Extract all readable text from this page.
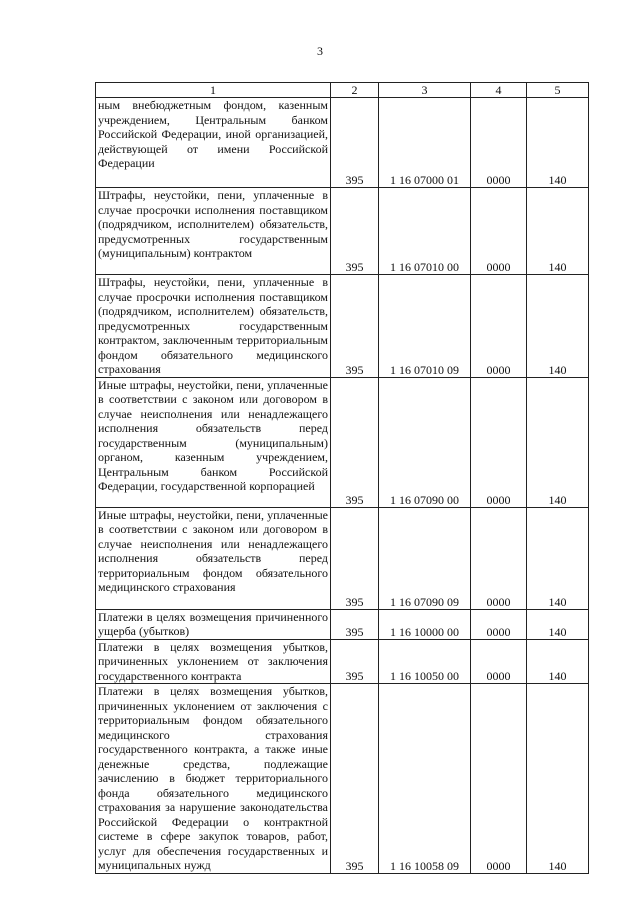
3
1	2	3	4	5
ным внебюджетным фондом, казенным учреждением, Центральным банком Российской Федерации, иной организацией, действующей от имени Российской Федерации	395	1 16 07000 01	0000	140
Штрафы, неустойки, пени, уплаченные в случае просрочки исполнения поставщиком (подрядчиком, исполнителем) обязательств, предусмотренных государственным (муниципальным) контрактом	395	1 16 07010 00	0000	140
Штрафы, неустойки, пени, уплаченные в случае просрочки исполнения поставщиком (подрядчиком, исполнителем) обязательств, предусмотренных государственным контрактом, заключенным территориальным фондом обязательного медицинского страхования	395	1 16 07010 09	0000	140
Иные штрафы, неустойки, пени, уплаченные в соответствии с законом или договором в случае неисполнения или ненадлежащего исполнения обязательств перед государственным (муниципальным) органом, казенным учреждением, Центральным банком Российской Федерации, государственной корпорацией	395	1 16 07090 00	0000	140
Иные штрафы, неустойки, пени, уплаченные в соответствии с законом или договором в случае неисполнения или ненадлежащего исполнения обязательств перед территориальным фондом обязательного медицинского страхования	395	1 16 07090 09	0000	140
Платежи в целях возмещения причиненного ущерба (убытков)	395	1 16 10000 00	0000	140
Платежи в целях возмещения убытков, причиненных уклонением от заключения государственного контракта	395	1 16 10050 00	0000	140
Платежи в целях возмещения убытков, причиненных уклонением от заключения с территориальным фондом обязательного медицинского страхования государственного контракта, а также иные денежные средства, подлежащие зачислению в бюджет территориального фонда обязательного медицинского страхования за нарушение законодательства Российской Федерации о контрактной системе в сфере закупок товаров, работ, услуг для обеспечения государственных и муниципальных нужд	395	1 16 10058 09	0000	140
